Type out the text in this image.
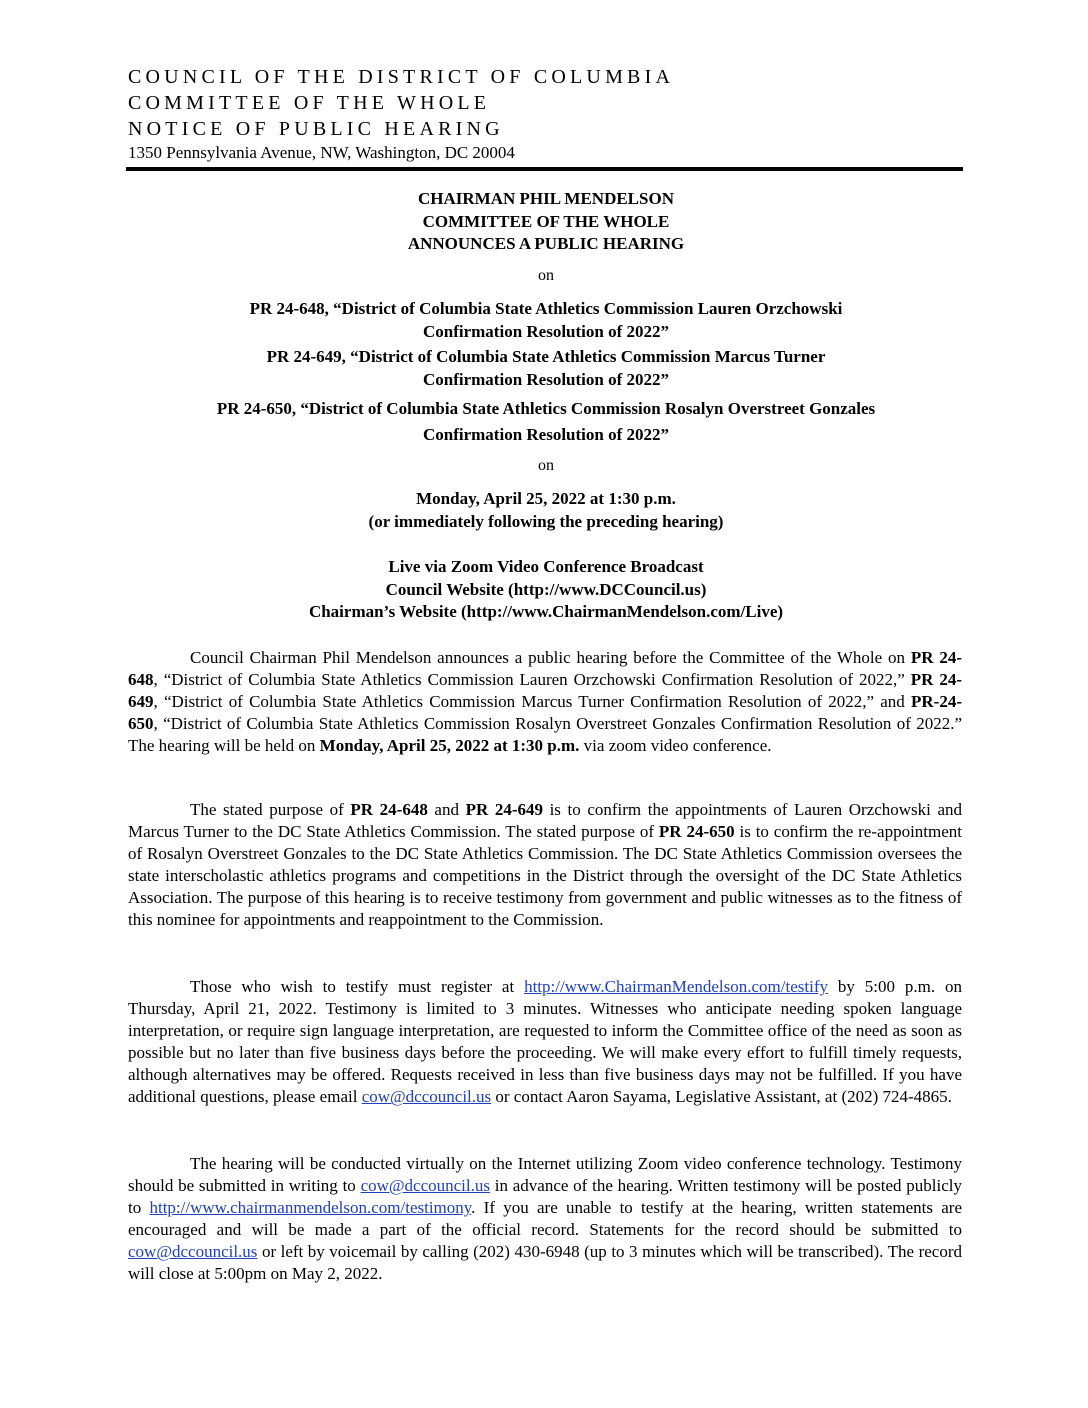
COUNCIL OF THE DISTRICT OF COLUMBIA
COMMITTEE OF THE WHOLE
NOTICE OF PUBLIC HEARING
1350 Pennsylvania Avenue, NW, Washington, DC 20004
CHAIRMAN PHIL MENDELSON
COMMITTEE OF THE WHOLE
ANNOUNCES A PUBLIC HEARING
on
PR 24-648, “District of Columbia State Athletics Commission Lauren Orzchowski
Confirmation Resolution of 2022”
PR 24-649, “District of Columbia State Athletics Commission Marcus Turner
Confirmation Resolution of 2022”
PR 24-650, “District of Columbia State Athletics Commission Rosalyn Overstreet Gonzales
Confirmation Resolution of 2022”
on
Monday, April 25, 2022 at 1:30 p.m.
(or immediately following the preceding hearing)
Live via Zoom Video Conference Broadcast
Council Website (http://www.DCCouncil.us)
Chairman’s Website (http://www.ChairmanMendelson.com/Live)
Council Chairman Phil Mendelson announces a public hearing before the Committee of the Whole on PR 24-648, “District of Columbia State Athletics Commission Lauren Orzchowski Confirmation Resolution of 2022,” PR 24-649, “District of Columbia State Athletics Commission Marcus Turner Confirmation Resolution of 2022,” and PR-24-650, “District of Columbia State Athletics Commission Rosalyn Overstreet Gonzales Confirmation Resolution of 2022.” The hearing will be held on Monday, April 25, 2022 at 1:30 p.m. via zoom video conference.
The stated purpose of PR 24-648 and PR 24-649 is to confirm the appointments of Lauren Orzchowski and Marcus Turner to the DC State Athletics Commission. The stated purpose of PR 24-650 is to confirm the re-appointment of Rosalyn Overstreet Gonzales to the DC State Athletics Commission. The DC State Athletics Commission oversees the state interscholastic athletics programs and competitions in the District through the oversight of the DC State Athletics Association. The purpose of this hearing is to receive testimony from government and public witnesses as to the fitness of this nominee for appointments and reappointment to the Commission.
Those who wish to testify must register at http://www.ChairmanMendelson.com/testify by 5:00 p.m. on Thursday, April 21, 2022. Testimony is limited to 3 minutes. Witnesses who anticipate needing spoken language interpretation, or require sign language interpretation, are requested to inform the Committee office of the need as soon as possible but no later than five business days before the proceeding. We will make every effort to fulfill timely requests, although alternatives may be offered. Requests received in less than five business days may not be fulfilled. If you have additional questions, please email cow@dccouncil.us or contact Aaron Sayama, Legislative Assistant, at (202) 724-4865.
The hearing will be conducted virtually on the Internet utilizing Zoom video conference technology. Testimony should be submitted in writing to cow@dccouncil.us in advance of the hearing. Written testimony will be posted publicly to http://www.chairmanmendelson.com/testimony. If you are unable to testify at the hearing, written statements are encouraged and will be made a part of the official record. Statements for the record should be submitted to cow@dccouncil.us or left by voicemail by calling (202) 430-6948 (up to 3 minutes which will be transcribed). The record will close at 5:00pm on May 2, 2022.
